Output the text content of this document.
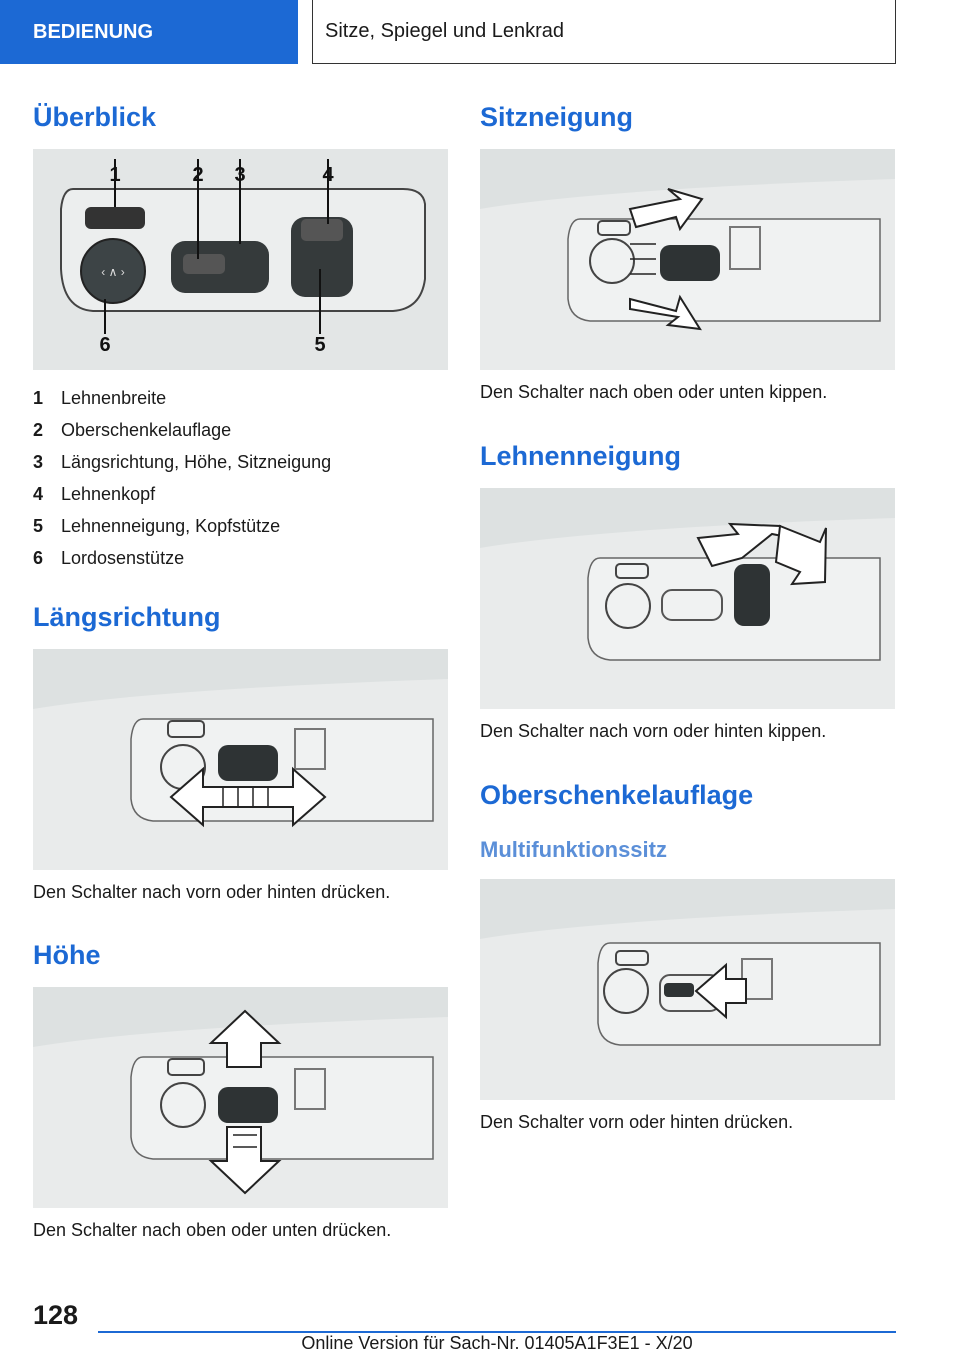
BEDIENUNG	Sitze, Spiegel und Lenkrad
Überblick
‹ ∧ ›
1	2 3	4
5
6
1 Lehnenbreite
2 Oberschenkelauflage
3 Längsrichtung, Höhe, Sitzneigung
4 Lehnenkopf
5 Lehnenneigung, Kopfstütze
6 Lordosenstütze
Längsrichtung
Den Schalter nach vorn oder hinten drücken.
Höhe
Den Schalter nach oben oder unten drücken.
Sitzneigung
Den Schalter nach oben oder unten kippen.
Lehnenneigung
Den Schalter nach vorn oder hinten kippen.
Oberschenkelauflage
Multifunktionssitz
Den Schalter vorn oder hinten drücken.
128
Online Version für Sach-Nr. 01405A1F3E1 - X/20
